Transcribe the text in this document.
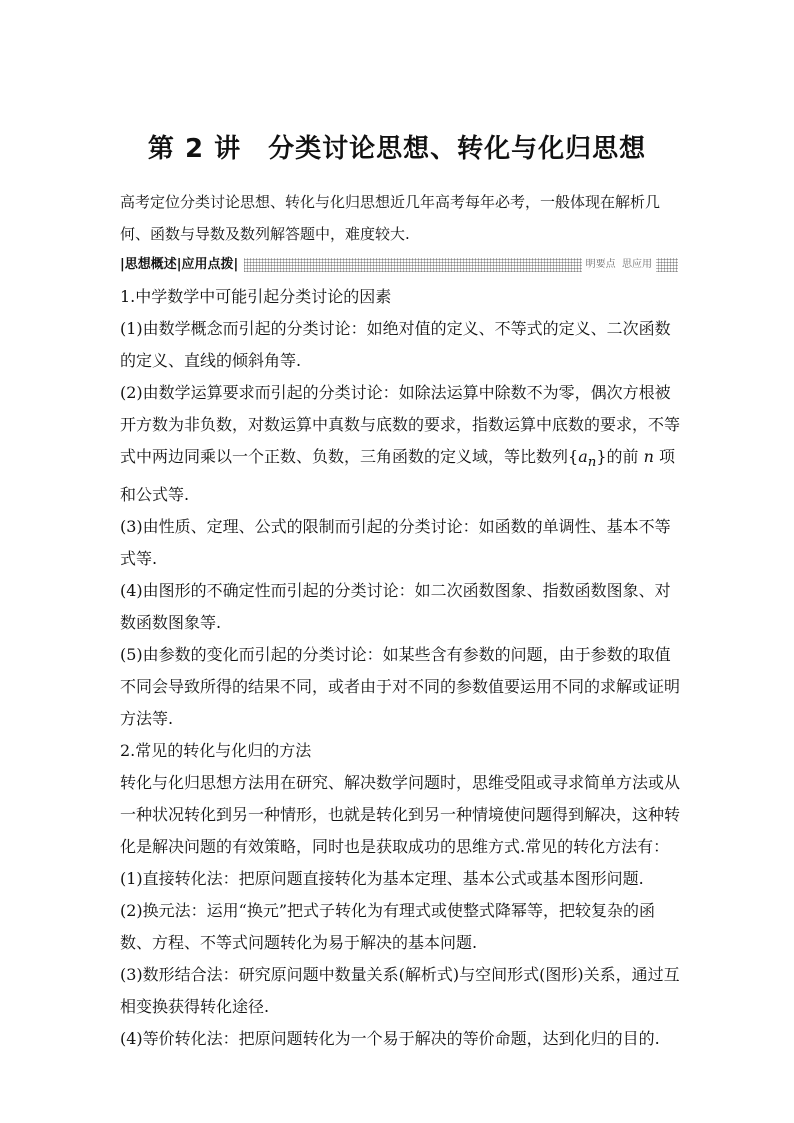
第 2 讲　分类讨论思想、转化与化归思想
高考定位分类讨论思想、转化与化归思想近几年高考每年必考，一般体现在解析几何、函数与导数及数列解答题中，难度较大.
|思想概述|应用点拨|	明要点  思应用

1.中学数学中可能引起分类讨论的因素

(1)由数学概念而引起的分类讨论：如绝对值的定义、不等式的定义、二次函数的定义、直线的倾斜角等.

(2)由数学运算要求而引起的分类讨论：如除法运算中除数不为零，偶次方根被开方数为非负数，对数运算中真数与底数的要求，指数运算中底数的要求，不等式中两边同乘以一个正数、负数，三角函数的定义域，等比数列$\{a_n\}$的前 n 项和公式等.

(3)由性质、定理、公式的限制而引起的分类讨论：如函数的单调性、基本不等式等.

(4)由图形的不确定性而引起的分类讨论：如二次函数图象、指数函数图象、对数函数图象等.

(5)由参数的变化而引起的分类讨论：如某些含有参数的问题，由于参数的取值不同会导致所得的结果不同，或者由于对不同的参数值要运用不同的求解或证明方法等.

2.常见的转化与化归的方法

转化与化归思想方法用在研究、解决数学问题时，思维受阻或寻求简单方法或从一种状况转化到另一种情形，也就是转化到另一种情境使问题得到解决，这种转化是解决问题的有效策略，同时也是获取成功的思维方式.常见的转化方法有：

(1)直接转化法：把原问题直接转化为基本定理、基本公式或基本图形问题.

(2)换元法：运用“换元”把式子转化为有理式或使整式降幂等，把较复杂的函数、方程、不等式问题转化为易于解决的基本问题.

(3)数形结合法：研究原问题中数量关系(解析式)与空间形式(图形)关系，通过互相变换获得转化途径.

(4)等价转化法：把原问题转化为一个易于解决的等价命题，达到化归的目的.
